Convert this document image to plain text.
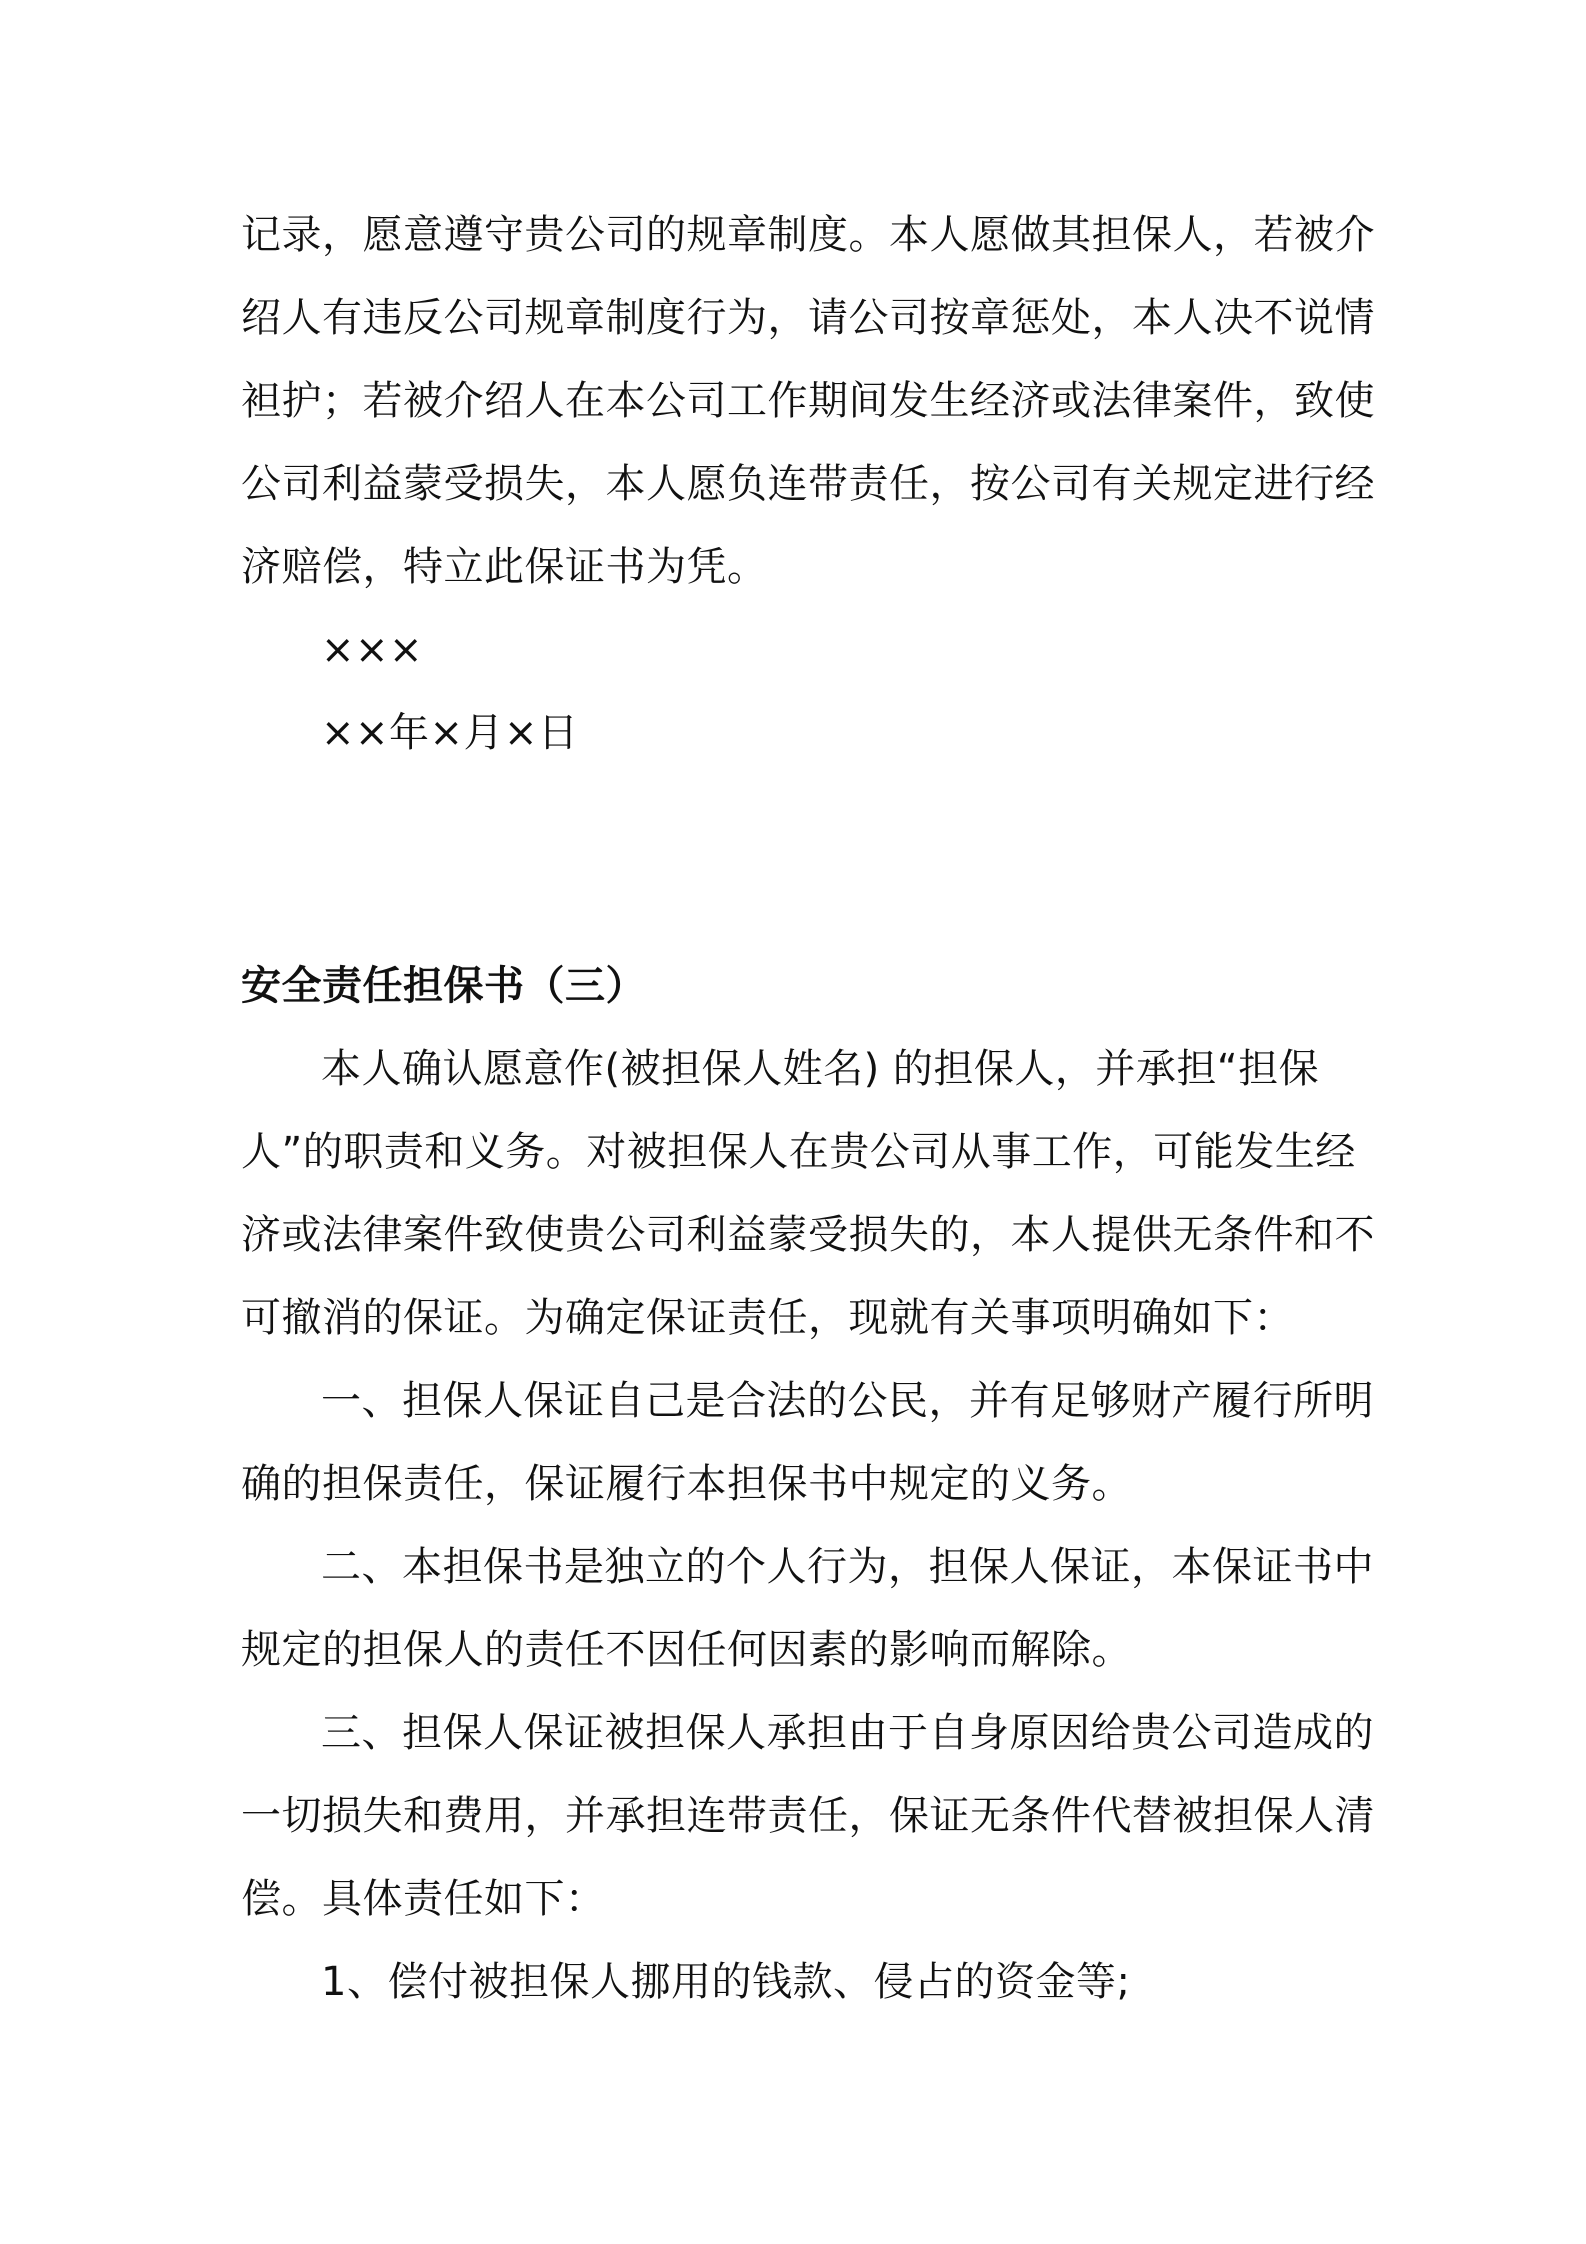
记录，愿意遵守贵公司的规章制度。本人愿做其担保人，若被介
绍人有违反公司规章制度行为，请公司按章惩处，本人决不说情
袒护；若被介绍人在本公司工作期间发生经济或法律案件，致使
公司利益蒙受损失，本人愿负连带责任，按公司有关规定进行经
济赔偿，特立此保证书为凭。
×××
××年×月×日
安全责任担保书（三）
本人确认愿意作(被担保人姓名) 的担保人，并承担“担保
人”的职责和义务。对被担保人在贵公司从事工作，可能发生经
济或法律案件致使贵公司利益蒙受损失的，本人提供无条件和不
可撤消的保证。为确定保证责任，现就有关事项明确如下：
一、担保人保证自己是合法的公民，并有足够财产履行所明
确的担保责任，保证履行本担保书中规定的义务。
二、本担保书是独立的个人行为，担保人保证，本保证书中
规定的担保人的责任不因任何因素的影响而解除。
三、担保人保证被担保人承担由于自身原因给贵公司造成的
一切损失和费用，并承担连带责任，保证无条件代替被担保人清
偿。具体责任如下：
1、偿付被担保人挪用的钱款、侵占的资金等;
